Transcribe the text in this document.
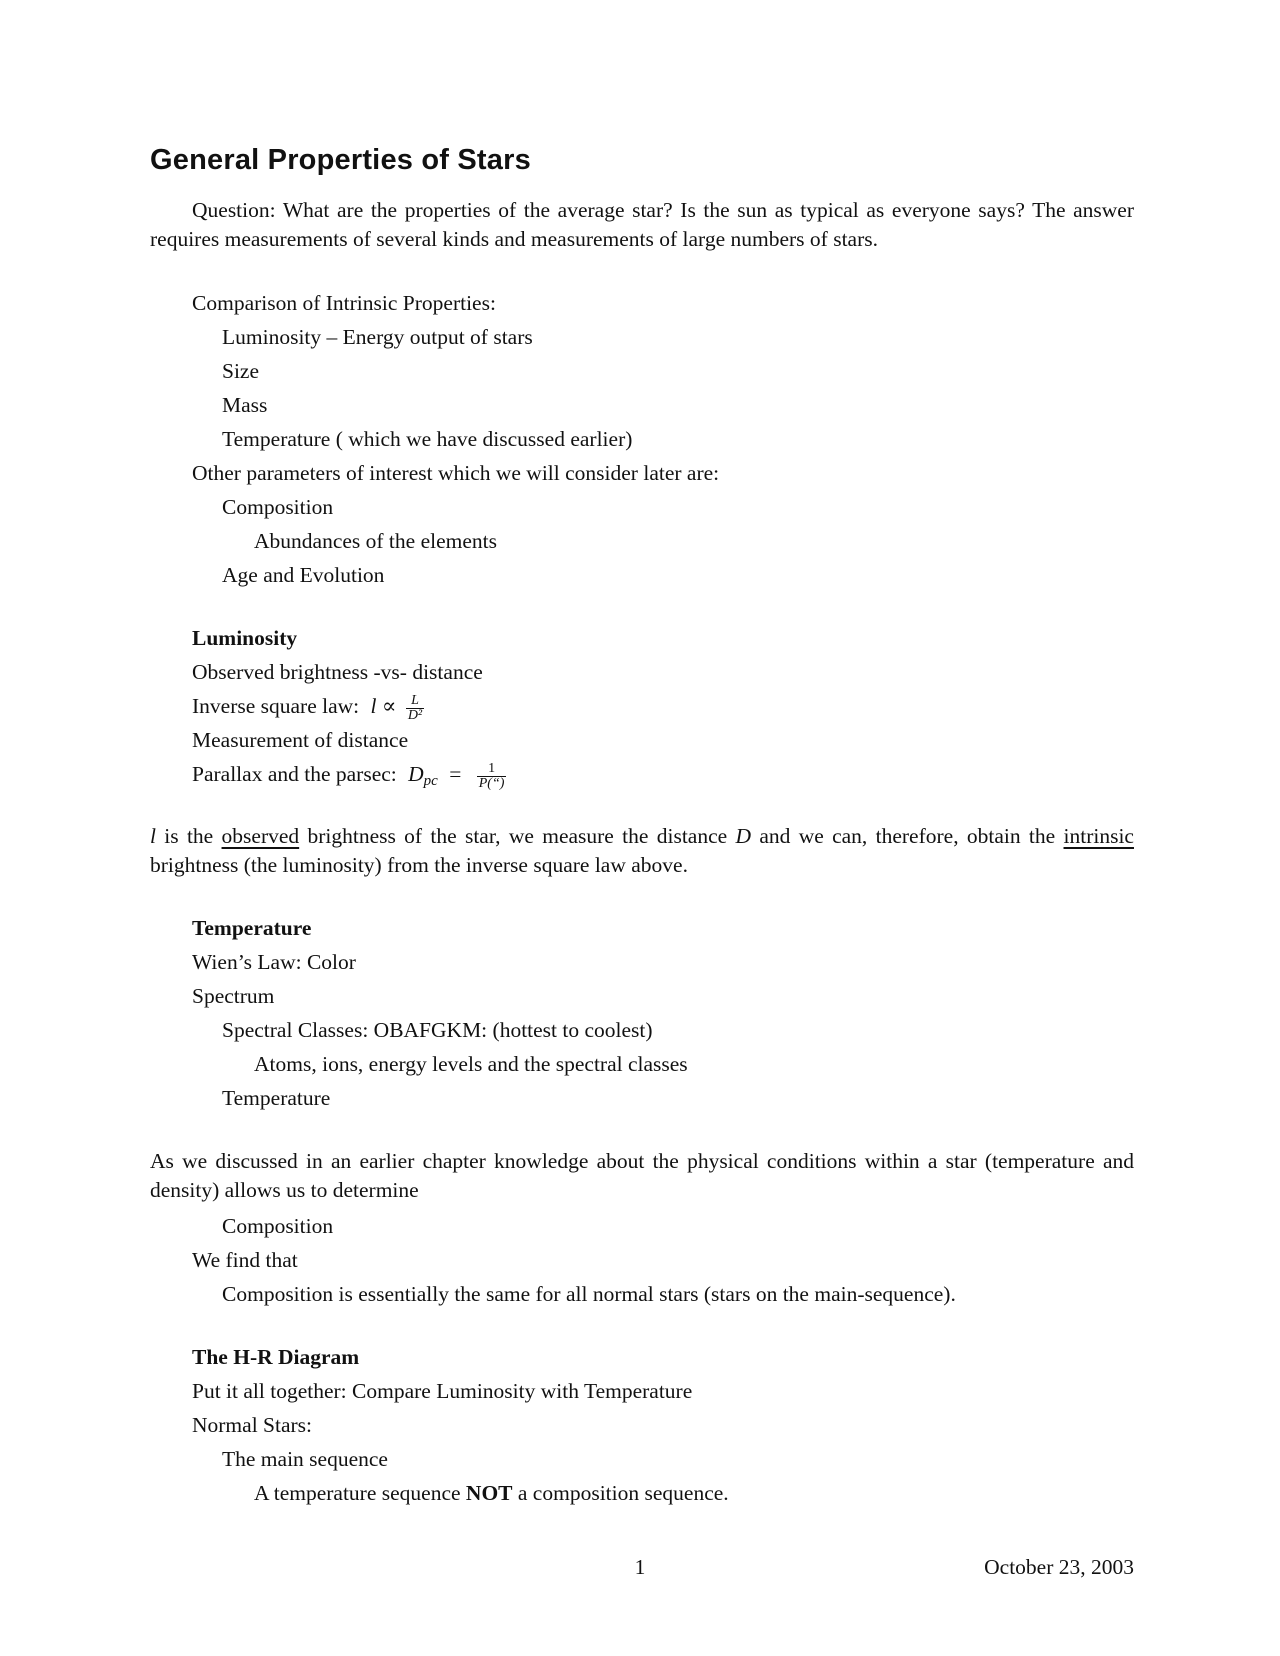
General Properties of Stars

Question: What are the properties of the average star? Is the sun as typical as everyone says? The answer requires measurements of several kinds and measurements of large numbers of stars.

Comparison of Intrinsic Properties:
Luminosity – Energy output of stars
Size
Mass
Temperature ( which we have discussed earlier)
Other parameters of interest which we will consider later are:
Composition
Abundances of the elements
Age and Evolution
Luminosity
Observed brightness -vs- distance
Inverse square law: $l \propto \frac{L}{\text{D²}}$
Measurement of distance
Parallax and the parsec: $D_{pc} = \frac{1}{P(“)}$

l is the observed brightness of the star, we measure the distance D and we can, therefore, obtain the intrinsic brightness (the luminosity) from the inverse square law above.

Temperature
Wien’s Law: Color
Spectrum
Spectral Classes: OBAFGKM: (hottest to coolest)
Atoms, ions, energy levels and the spectral classes
Temperature

As we discussed in an earlier chapter knowledge about the physical conditions within a star (temperature and density) allows us to determine

Composition
We find that
Composition is essentially the same for all normal stars (stars on the main-sequence).
The H-R Diagram
Put it all together: Compare Luminosity with Temperature
Normal Stars:
The main sequence
A temperature sequence NOT a composition sequence.
1	October 23, 2003
